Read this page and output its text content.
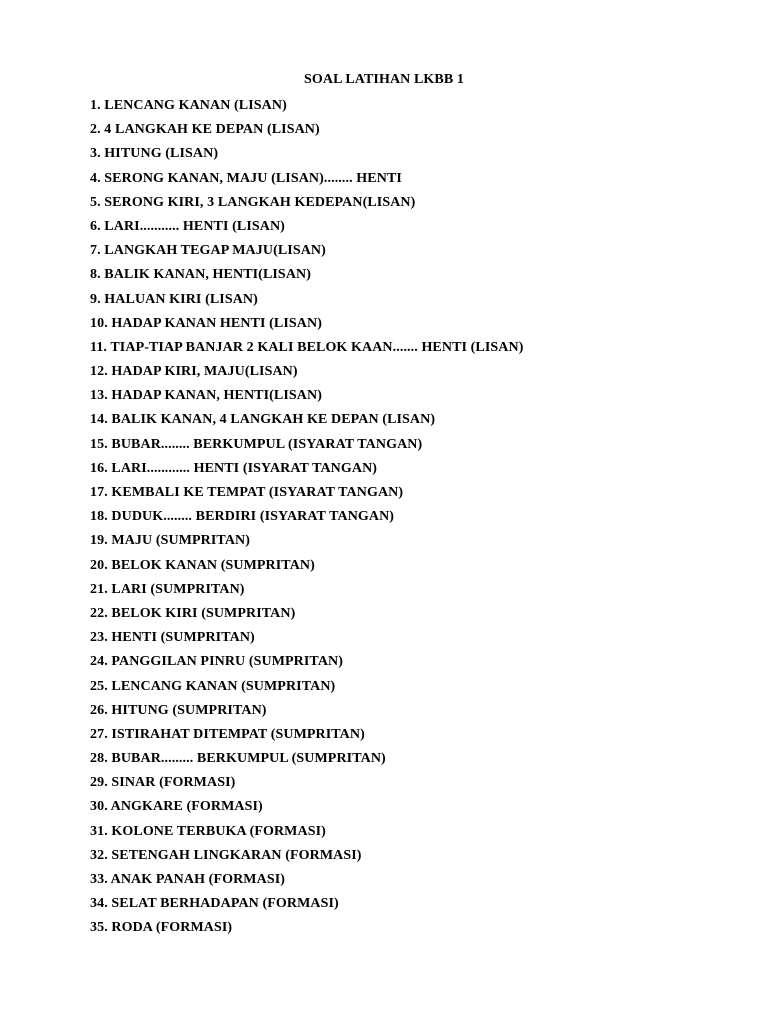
SOAL LATIHAN LKBB 1
1. LENCANG KANAN (LISAN)
2. 4 LANGKAH KE DEPAN (LISAN)
3. HITUNG (LISAN)
4. SERONG KANAN, MAJU (LISAN)........ HENTI
5. SERONG KIRI, 3 LANGKAH KEDEPAN(LISAN)
6. LARI........... HENTI (LISAN)
7. LANGKAH TEGAP MAJU(LISAN)
8. BALIK KANAN, HENTI(LISAN)
9. HALUAN KIRI (LISAN)
10. HADAP KANAN HENTI (LISAN)
11. TIAP-TIAP BANJAR 2 KALI BELOK KAAN....... HENTI (LISAN)
12. HADAP KIRI, MAJU(LISAN)
13. HADAP KANAN, HENTI(LISAN)
14. BALIK KANAN, 4 LANGKAH KE DEPAN (LISAN)
15. BUBAR........ BERKUMPUL (ISYARAT TANGAN)
16. LARI............ HENTI (ISYARAT TANGAN)
17. KEMBALI KE TEMPAT (ISYARAT TANGAN)
18. DUDUK........ BERDIRI (ISYARAT TANGAN)
19. MAJU (SUMPRITAN)
20. BELOK KANAN (SUMPRITAN)
21. LARI (SUMPRITAN)
22. BELOK KIRI (SUMPRITAN)
23. HENTI (SUMPRITAN)
24. PANGGILAN PINRU (SUMPRITAN)
25. LENCANG KANAN (SUMPRITAN)
26. HITUNG (SUMPRITAN)
27. ISTIRAHAT DITEMPAT (SUMPRITAN)
28. BUBAR......... BERKUMPUL (SUMPRITAN)
29. SINAR (FORMASI)
30. ANGKARE (FORMASI)
31. KOLONE TERBUKA (FORMASI)
32. SETENGAH LINGKARAN (FORMASI)
33. ANAK PANAH (FORMASI)
34. SELAT BERHADAPAN (FORMASI)
35. RODA (FORMASI)
